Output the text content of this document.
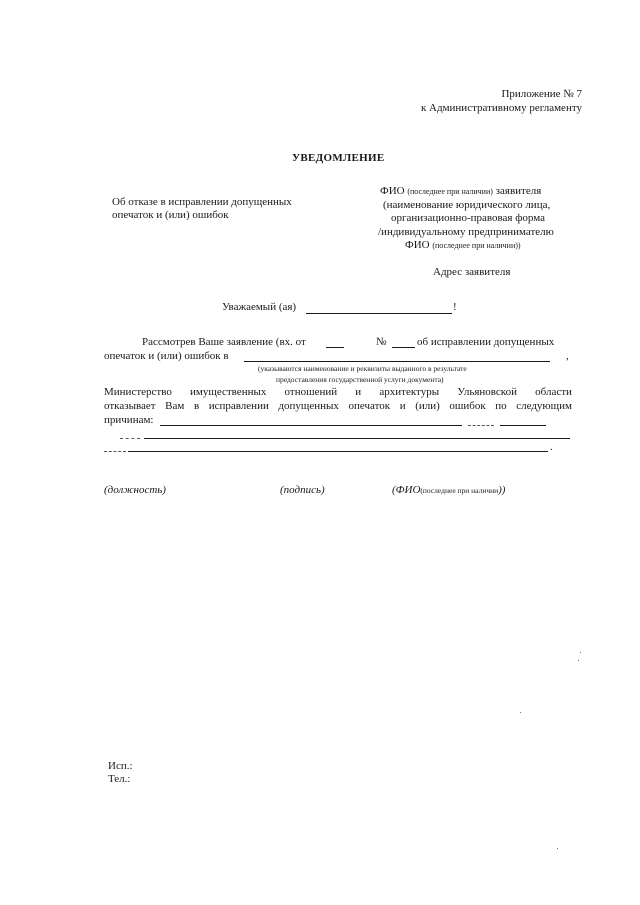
Приложение № 7
к Административному регламенту
УВЕДОМЛЕНИЕ
Об отказе в исправлении допущенных
опечаток и (или) ошибок
ФИО (последнее при наличии) заявителя
(наименование юридического лица,
организационно-правовая форма
/индивидуальному предпринимателю
ФИО (последнее при наличии))
Адрес заявителя
Уважаемый (ая)	!
Рассмотрев Ваше заявление (вх. от	№	об исправлении допущенных
опечаток и (или) ошибок в	,
(указываются наименование и реквизиты выданного в результате
предоставления государственной услуги документа)
Министерство имущественных отношений и архитектуры Ульяновской области
отказывает Вам в исправлении допущенных опечаток и (или) ошибок по следующим
причинам:
.
(должность)	(подпись)	(ФИО(последнее при наличии))
Исп.:
Тел.:
